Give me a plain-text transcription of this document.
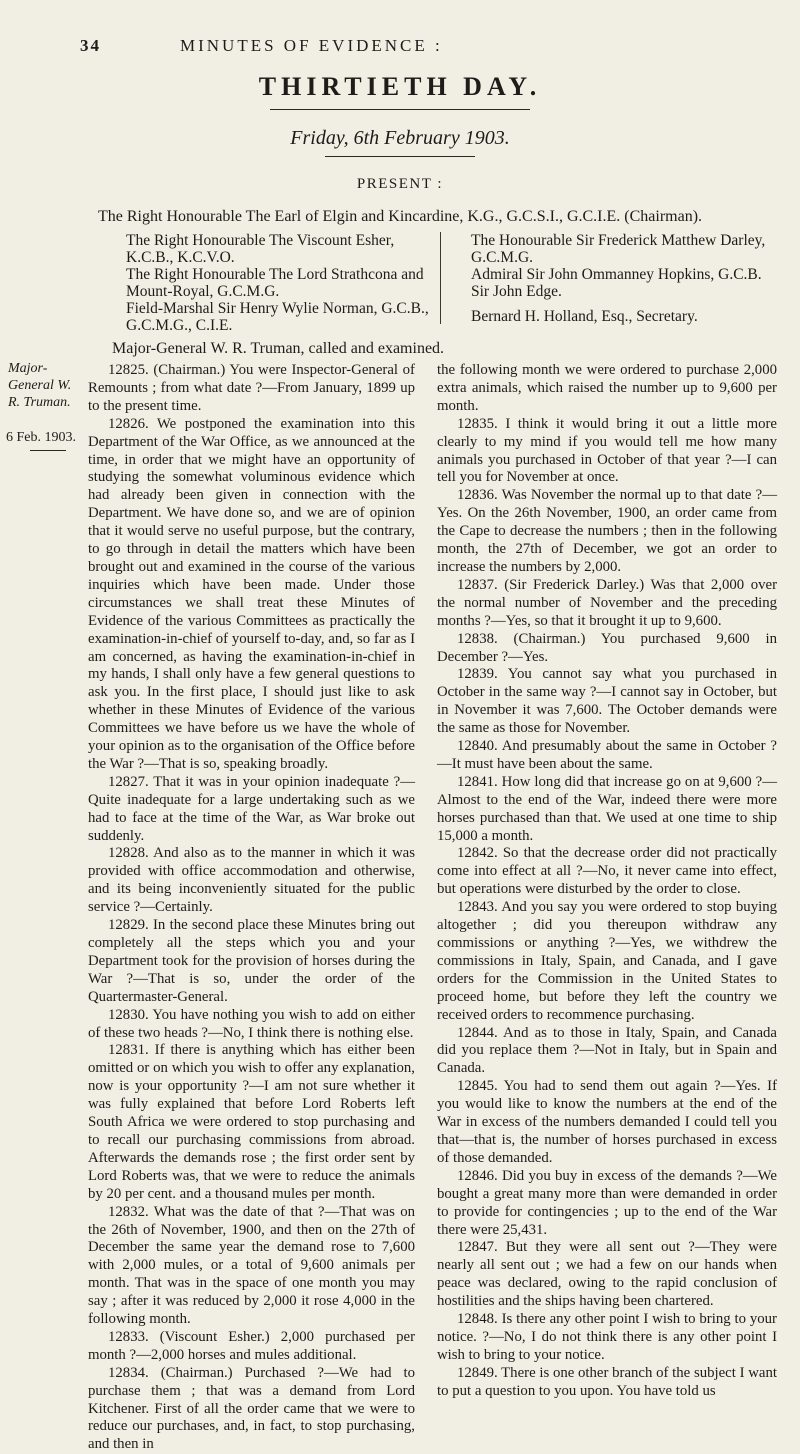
34	MINUTES OF EVIDENCE :
THIRTIETH DAY.
Friday, 6th February 1903.
PRESENT :
The Right Honourable The Earl of Elgin and Kincardine, K.G., G.C.S.I., G.C.I.E. (Chairman).

The Right Honourable The Viscount Esher, K.C.B., K.C.V.O.

The Right Honourable The Lord Strathcona and Mount-Royal, G.C.M.G.

Field-Marshal Sir Henry Wylie Norman, G.C.B., G.C.M.G., C.I.E.

The Honourable Sir Frederick Matthew Darley, G.C.M.G.

Admiral Sir John Ommanney Hopkins, G.C.B.

Sir John Edge.

Bernard H. Holland, Esq., Secretary.

Major-General W. R. Truman, called and examined.
Major-General W. R. Truman.
6 Feb. 1903.

12825. (Chairman.) You were Inspector-General of Remounts ; from what date ?—From January, 1899 up to the present time.

12826. We postponed the examination into this Department of the War Office, as we announced at the time, in order that we might have an opportunity of studying the somewhat voluminous evidence which had already been given in connection with the Department. We have done so, and we are of opinion that it would serve no useful purpose, but the contrary, to go through in detail the matters which have been brought out and examined in the course of the various inquiries which have been made. Under those circumstances we shall treat these Minutes of Evidence of the various Committees as practically the examination-in-chief of yourself to-day, and, so far as I am concerned, as having the examination-in-chief in my hands, I shall only have a few general questions to ask you. In the first place, I should just like to ask whether in these Minutes of Evidence of the various Committees we have before us we have the whole of your opinion as to the organisation of the Office before the War ?—That is so, speaking broadly.

12827. That it was in your opinion inadequate ?—Quite inadequate for a large undertaking such as we had to face at the time of the War, as War broke out suddenly.

12828. And also as to the manner in which it was provided with office accommodation and otherwise, and its being inconveniently situated for the public service ?—Certainly.

12829. In the second place these Minutes bring out completely all the steps which you and your Department took for the provision of horses during the War ?—That is so, under the order of the Quartermaster-General.

12830. You have nothing you wish to add on either of these two heads ?—No, I think there is nothing else.

12831. If there is anything which has either been omitted or on which you wish to offer any explanation, now is your opportunity ?—I am not sure whether it was fully explained that before Lord Roberts left South Africa we were ordered to stop purchasing and to recall our purchasing commissions from abroad. Afterwards the demands rose ; the first order sent by Lord Roberts was, that we were to reduce the animals by 20 per cent. and a thousand mules per month.

12832. What was the date of that ?—That was on the 26th of November, 1900, and then on the 27th of December the same year the demand rose to 7,600 with 2,000 mules, or a total of 9,600 animals per month. That was in the space of one month you may say ; after it was reduced by 2,000 it rose 4,000 in the following month.

12833. (Viscount Esher.) 2,000 purchased per month ?—2,000 horses and mules additional.

12834. (Chairman.) Purchased ?—We had to purchase them ; that was a demand from Lord Kitchener. First of all the order came that we were to reduce our purchases, and, in fact, to stop purchasing, and then in

the following month we were ordered to purchase 2,000 extra animals, which raised the number up to 9,600 per month.

12835. I think it would bring it out a little more clearly to my mind if you would tell me how many animals you purchased in October of that year ?—I can tell you for November at once.

12836. Was November the normal up to that date ?—Yes. On the 26th November, 1900, an order came from the Cape to decrease the numbers ; then in the following month, the 27th of December, we got an order to increase the numbers by 2,000.

12837. (Sir Frederick Darley.) Was that 2,000 over the normal number of November and the preceding months ?—Yes, so that it brought it up to 9,600.

12838. (Chairman.) You purchased 9,600 in December ?—Yes.

12839. You cannot say what you purchased in October in the same way ?—I cannot say in October, but in November it was 7,600. The October demands were the same as those for November.

12840. And presumably about the same in October ?—It must have been about the same.

12841. How long did that increase go on at 9,600 ?—Almost to the end of the War, indeed there were more horses purchased than that. We used at one time to ship 15,000 a month.

12842. So that the decrease order did not practically come into effect at all ?—No, it never came into effect, but operations were disturbed by the order to close.

12843. And you say you were ordered to stop buying altogether ; did you thereupon withdraw any commissions or anything ?—Yes, we withdrew the commissions in Italy, Spain, and Canada, and I gave orders for the Commission in the United States to proceed home, but before they left the country we received orders to recommence purchasing.

12844. And as to those in Italy, Spain, and Canada did you replace them ?—Not in Italy, but in Spain and Canada.

12845. You had to send them out again ?—Yes. If you would like to know the numbers at the end of the War in excess of the numbers demanded I could tell you that—that is, the number of horses purchased in excess of those demanded.

12846. Did you buy in excess of the demands ?—We bought a great many more than were demanded in order to provide for contingencies ; up to the end of the War there were 25,431.

12847. But they were all sent out ?—They were nearly all sent out ; we had a few on our hands when peace was declared, owing to the rapid conclusion of hostilities and the ships having been chartered.

12848. Is there any other point I wish to bring to your notice. ?—No, I do not think there is any other point I wish to bring to your notice.

12849. There is one other branch of the subject I want to put a question to you upon. You have told us
